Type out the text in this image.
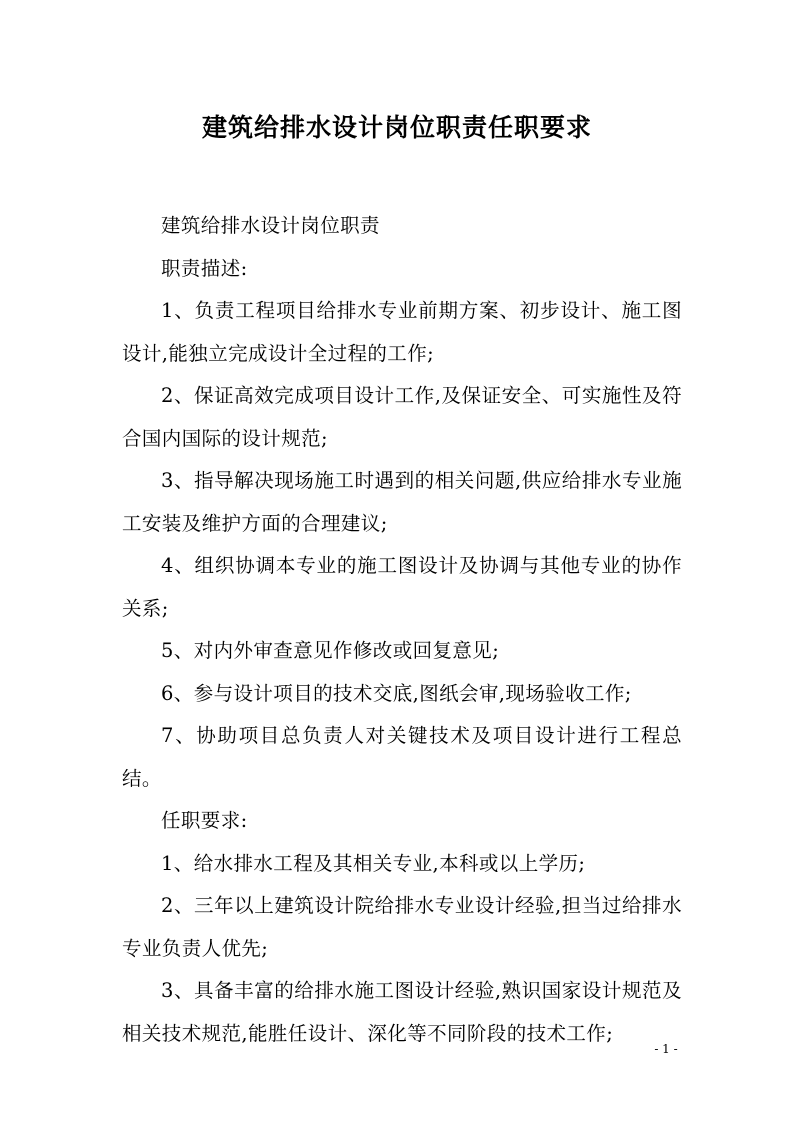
建筑给排水设计岗位职责任职要求

建筑给排水设计岗位职责

职责描述:

1、负责工程项目给排水专业前期方案、初步设计、施工图设计,能独立完成设计全过程的工作;

2、保证高效完成项目设计工作,及保证安全、可实施性及符合国内国际的设计规范;

3、指导解决现场施工时遇到的相关问题,供应给排水专业施工安装及维护方面的合理建议;

4、组织协调本专业的施工图设计及协调与其他专业的协作关系;

5、对内外审查意见作修改或回复意见;

6、参与设计项目的技术交底,图纸会审,现场验收工作;

7、协助项目总负责人对关键技术及项目设计进行工程总结。

任职要求:

1、给水排水工程及其相关专业,本科或以上学历;

2、三年以上建筑设计院给排水专业设计经验,担当过给排水专业负责人优先;

3、具备丰富的给排水施工图设计经验,熟识国家设计规范及相关技术规范,能胜任设计、深化等不同阶段的技术工作;

- 1 -
